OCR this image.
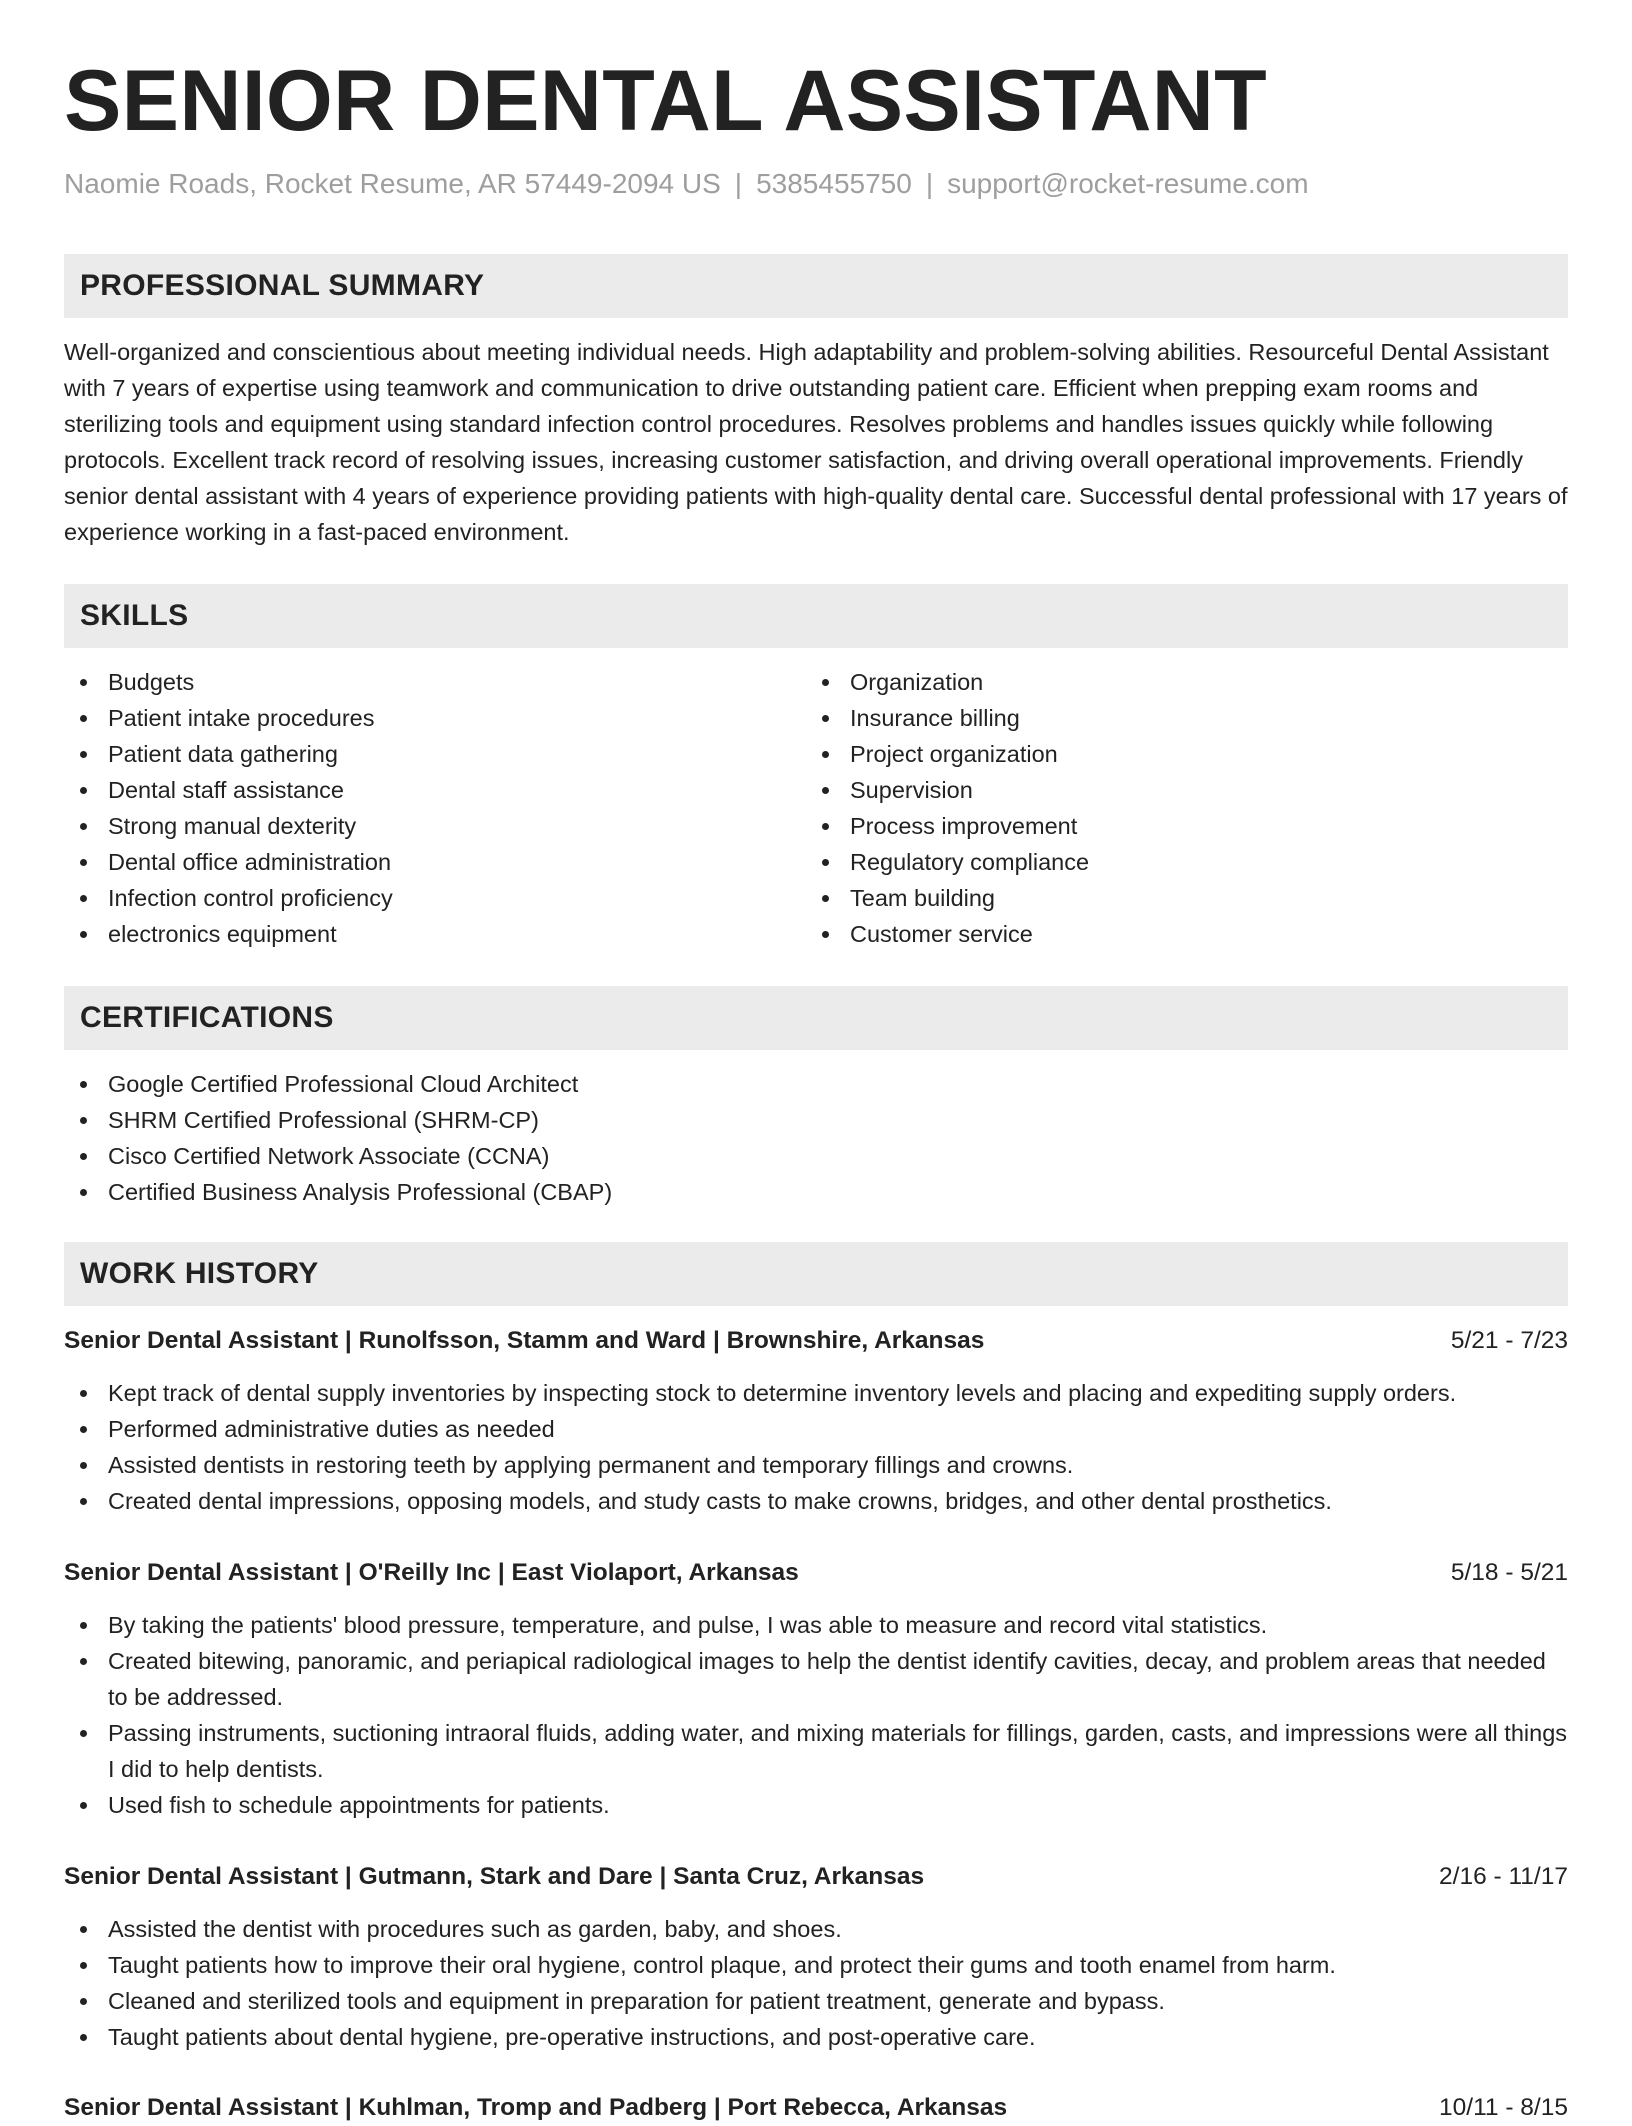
SENIOR DENTAL ASSISTANT
Naomie Roads, Rocket Resume, AR 57449-2094 US | 5385455750 | support@rocket-resume.com
PROFESSIONAL SUMMARY

Well-organized and conscientious about meeting individual needs. High adaptability and problem-solving abilities. Resourceful Dental Assistant with 7 years of expertise using teamwork and communication to drive outstanding patient care. Efficient when prepping exam rooms and sterilizing tools and equipment using standard infection control procedures. Resolves problems and handles issues quickly while following protocols. Excellent track record of resolving issues, increasing customer satisfaction, and driving overall operational improvements. Friendly senior dental assistant with 4 years of experience providing patients with high-quality dental care. Successful dental professional with 17 years of experience working in a fast-paced environment.

SKILLS
Budgets
Patient intake procedures
Patient data gathering
Dental staff assistance
Strong manual dexterity
Dental office administration
Infection control proficiency
electronics equipment
Organization
Insurance billing
Project organization
Supervision
Process improvement
Regulatory compliance
Team building
Customer service
CERTIFICATIONS
Google Certified Professional Cloud Architect
SHRM Certified Professional (SHRM-CP)
Cisco Certified Network Associate (CCNA)
Certified Business Analysis Professional (CBAP)
WORK HISTORY
Senior Dental Assistant | Runolfsson, Stamm and Ward | Brownshire, Arkansas	5/21 - 7/23
Kept track of dental supply inventories by inspecting stock to determine inventory levels and placing and expediting supply orders.
Performed administrative duties as needed
Assisted dentists in restoring teeth by applying permanent and temporary fillings and crowns.
Created dental impressions, opposing models, and study casts to make crowns, bridges, and other dental prosthetics.
Senior Dental Assistant | O'Reilly Inc | East Violaport, Arkansas	5/18 - 5/21
By taking the patients' blood pressure, temperature, and pulse, I was able to measure and record vital statistics.
Created bitewing, panoramic, and periapical radiological images to help the dentist identify cavities, decay, and problem areas that needed to be addressed.
Passing instruments, suctioning intraoral fluids, adding water, and mixing materials for fillings, garden, casts, and impressions were all things I did to help dentists.
Used fish to schedule appointments for patients.
Senior Dental Assistant | Gutmann, Stark and Dare | Santa Cruz, Arkansas	2/16 - 11/17
Assisted the dentist with procedures such as garden, baby, and shoes.
Taught patients how to improve their oral hygiene, control plaque, and protect their gums and tooth enamel from harm.
Cleaned and sterilized tools and equipment in preparation for patient treatment, generate and bypass.
Taught patients about dental hygiene, pre-operative instructions, and post-operative care.
Senior Dental Assistant | Kuhlman, Tromp and Padberg | Port Rebecca, Arkansas	10/11 - 8/15
